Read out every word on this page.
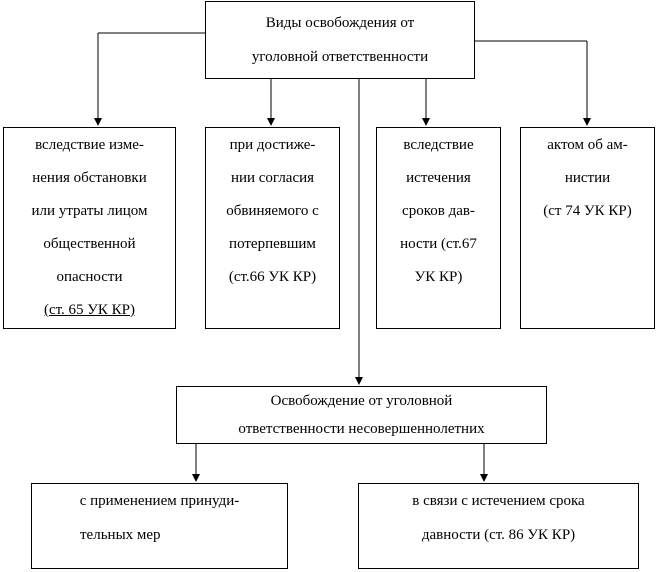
Виды освобождения от
уголовной ответственности
вследствие изме-
нения обстановки
или утраты лицом
общественной
опасности
(ст. 65 УК КР)
при достиже-
нии согласия
обвиняемого с
потерпевшим
(ст.66 УК КР)
вследствие
истечения
сроков дав-
ности (ст.67
УК КР)
актом об ам-
нистии
(ст 74 УК КР)
Освобождение от уголовной
ответственности несовершеннолетних
с применением принуди-
тельных мер
в связи с истечением срока
давности (ст. 86 УК КР)
